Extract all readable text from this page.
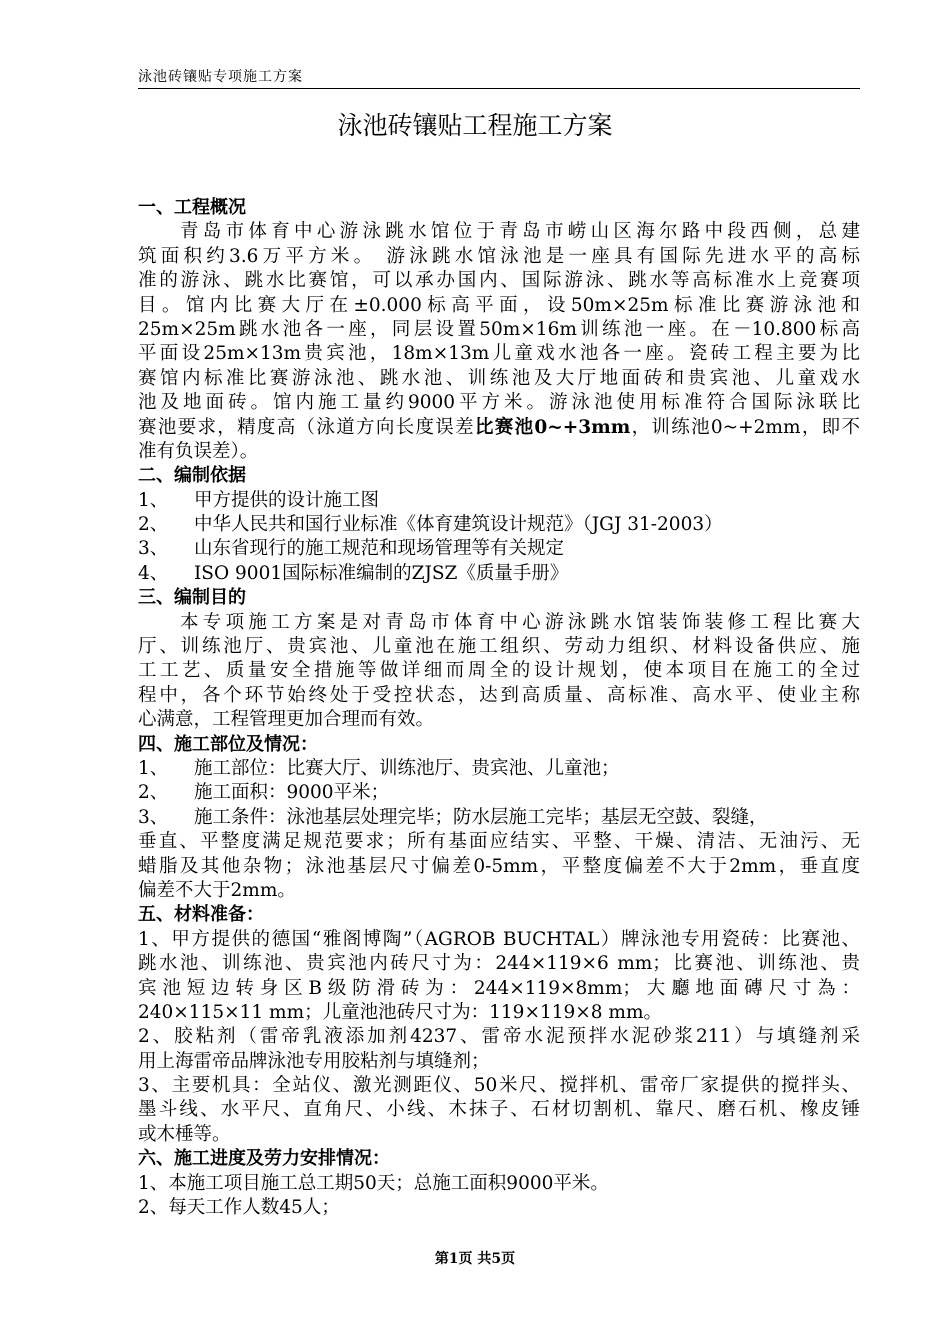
泳池砖镶贴专项施工方案
泳池砖镶贴工程施工方案
一、工程概况
青岛市体育中心游泳跳水馆位于青岛市崂山区海尔路中段西侧，总建
筑面积约3.6万平方米。 游泳跳水馆泳池是一座具有国际先进水平的高标
准的游泳、跳水比赛馆，可以承办国内、国际游泳、跳水等高标准水上竞赛项
目。馆内比赛大厅在±0.000标高平面，设50m×25m标准比赛游泳池和
25m×25m跳水池各一座，同层设置50m×16m训练池一座。在－10.800标高
平面设25m×13m贵宾池，18m×13m儿童戏水池各一座。瓷砖工程主要为比
赛馆内标准比赛游泳池、跳水池、训练池及大厅地面砖和贵宾池、儿童戏水
池及地面砖。馆内施工量约9000平方米。游泳池使用标准符合国际泳联比
赛池要求，精度高（泳道方向长度误差比赛池0~+3mm，训练池0~+2mm，即不
准有负误差）。
二、编制依据
1、 甲方提供的设计施工图
2、 中华人民共和国行业标准《体育建筑设计规范》（JGJ 31-2003）
3、 山东省现行的施工规范和现场管理等有关规定
4、 ISO 9001国际标准编制的ZJSZ《质量手册》
三、编制目的
本专项施工方案是对青岛市体育中心游泳跳水馆装饰装修工程比赛大
厅、训练池厅、贵宾池、儿童池在施工组织、劳动力组织、材料设备供应、施
工工艺、质量安全措施等做详细而周全的设计规划，使本项目在施工的全过
程中，各个环节始终处于受控状态，达到高质量、高标准、高水平、使业主称
心满意，工程管理更加合理而有效。
四、施工部位及情况：
1、 施工部位：比赛大厅、训练池厅、贵宾池、儿童池；
2、 施工面积：9000平米；
3、 施工条件：泳池基层处理完毕；防水层施工完毕；基层无空鼓、裂缝，
垂直、平整度满足规范要求；所有基面应结实、平整、干燥、清洁、无油污、无
蜡脂及其他杂物；泳池基层尺寸偏差0-5mm，平整度偏差不大于2mm，垂直度
偏差不大于2mm。
五、材料准备：
1、甲方提供的德国“雅阁博陶”（AGROB BUCHTAL）牌泳池专用瓷砖：比赛池、
跳水池、训练池、贵宾池内砖尺寸为：244×119×6 mm；比赛池、训练池、贵
宾池短边转身区B级防滑砖为：244×119×8mm；大廳地面磚尺寸為：
240×115×11 mm；儿童池池砖尺寸为：119×119×8 mm。
2、胶粘剂（雷帝乳液添加剂4237、雷帝水泥预拌水泥砂浆211）与填缝剂采
用上海雷帝品牌泳池专用胶粘剂与填缝剂；
3、主要机具：全站仪、激光测距仪、50米尺、搅拌机、雷帝厂家提供的搅拌头、
墨斗线、水平尺、直角尺、小线、木抹子、石材切割机、靠尺、磨石机、橡皮锤
或木棰等。
六、施工进度及劳力安排情况：
1、本施工项目施工总工期50天；总施工面积9000平米。
2、每天工作人数45人；
第1页 共5页
